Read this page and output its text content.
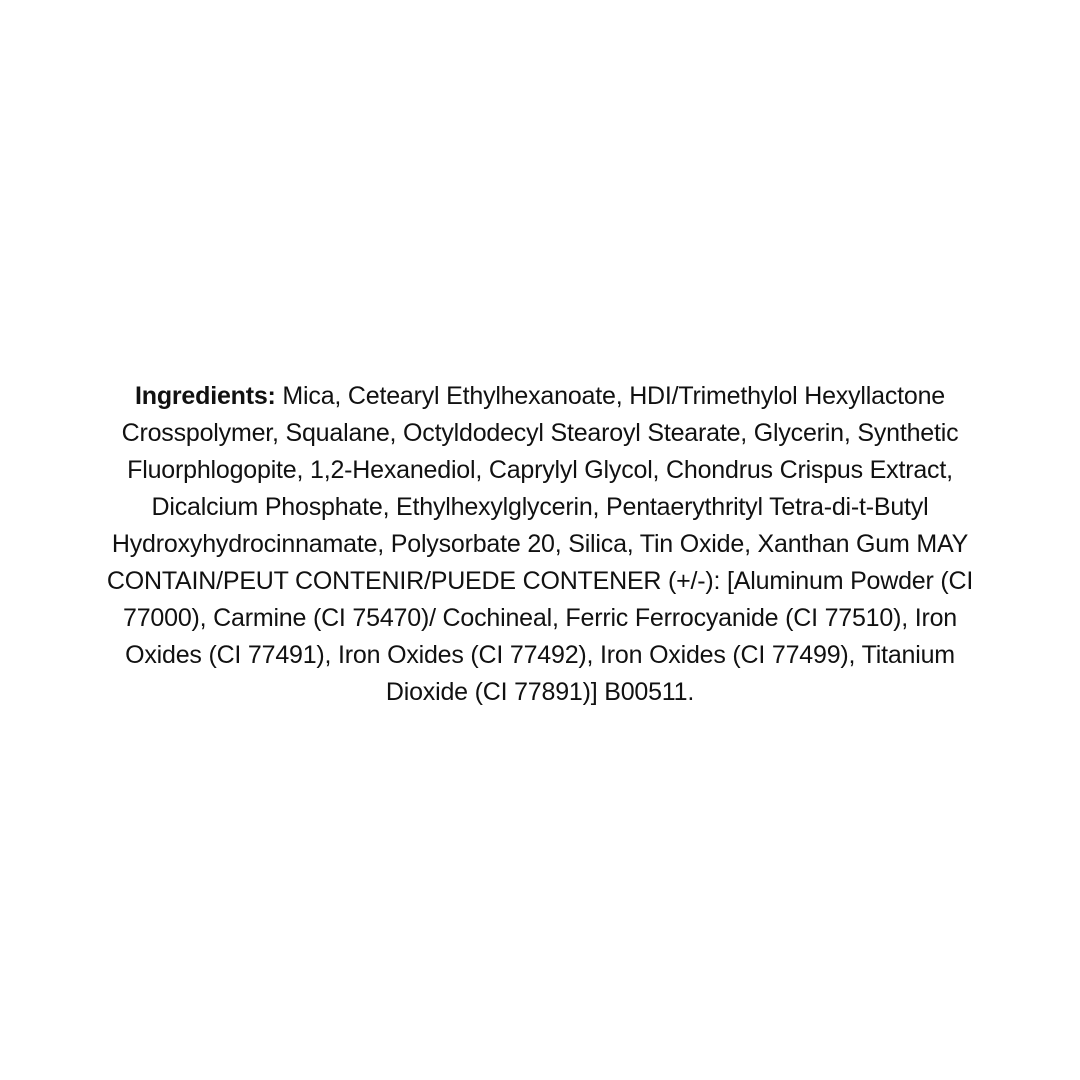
Ingredients: Mica, Cetearyl Ethylhexanoate, HDI/Trimethylol Hexyllactone Crosspolymer, Squalane, Octyldodecyl Stearoyl Stearate, Glycerin, Synthetic Fluorphlogopite, 1,2-Hexanediol, Caprylyl Glycol, Chondrus Crispus Extract, Dicalcium Phosphate, Ethylhexylglycerin, Pentaerythrityl Tetra-di-t-Butyl Hydroxyhydrocinnamate, Polysorbate 20, Silica, Tin Oxide, Xanthan Gum MAY CONTAIN/PEUT CONTENIR/PUEDE CONTENER (+/-): [Aluminum Powder (CI 77000), Carmine (CI 75470)/ Cochineal, Ferric Ferrocyanide (CI 77510), Iron Oxides (CI 77491), Iron Oxides (CI 77492), Iron Oxides (CI 77499), Titanium Dioxide (CI 77891)] B00511.
